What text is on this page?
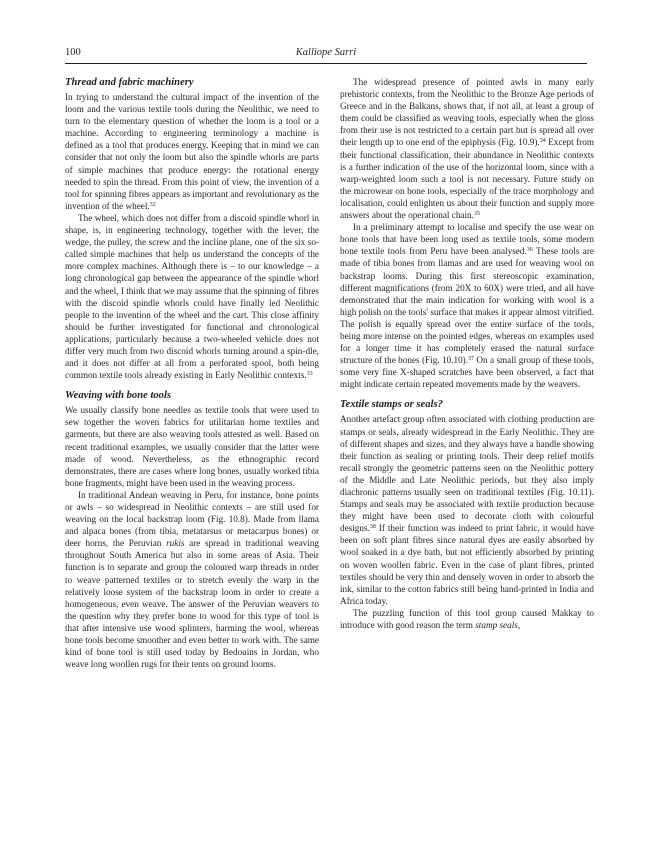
100	Kalliope Sarri
Thread and fabric machinery

In trying to understand the cultural impact of the invention of the loom and the various textile tools during the Neolithic, we need to turn to the elementary question of whether the loom is a tool or a machine. According to engineering terminology a machine is defined as a tool that produces energy. Keeping that in mind we can consider that not only the loom but also the spindle whorls are parts of simple machines that produce energy: the rotational energy needed to spin the thread. From this point of view, the invention of a tool for spinning fibres appears as important and revolutionary as the invention of the wheel.$^{32}$

The wheel, which does not differ from a discoid spindle whorl in shape, is, in engineering technology, together with the lever, the wedge, the pulley, the screw and the incline plane, one of the six so-called simple machines that help us understand the concepts of the more complex machines. Although there is – to our knowledge – a long chronological gap between the appearance of the spindle whorl and the wheel, I think that we may assume that the spinning of fibres with the discoid spindle whorls could have finally led Neolithic people to the invention of the wheel and the cart. This close affinity should be further investigated for functional and chronological applications, particularly because a two-wheeled vehicle does not differ very much from two discoid whorls turning around a spin-dle, and it does not differ at all from a perforated spool, both being common textile tools already existing in Early Neolithic contexts.$^{33}$

Weaving with bone tools

We usually classify bone needles as textile tools that were used to sew together the woven fabrics for utilitarian home textiles and garments, but there are also weaving tools attested as well. Based on recent traditional examples, we usually consider that the latter were made of wood. Nevertheless, as the ethnographic record demonstrates, there are cases where long bones, usually worked tibia bone fragments, might have been used in the weaving process.

In traditional Andean weaving in Peru, for instance, bone points or awls – so widespread in Neolithic contexts – are still used for weaving on the local backstrap loom (Fig. 10.8). Made from llama and alpaca bones (from tibia, metatarsus or metacarpus bones) or deer horns, the Peruvian rukis are spread in traditional weaving throughout South America but also in some areas of Asia. Their function is to separate and group the coloured warp threads in order to weave patterned textiles or to stretch evenly the warp in the relatively loose system of the backstrap loom in order to create a homogeneous, even weave. The answer of the Peruvian weavers to the question why they prefer bone to wood for this type of tool is that after intensive use wood splinters, harming the wool, whereas bone tools become smoother and even better to work with. The same kind of bone tool is still used today by Bedouins in Jordan, who weave long woollen rugs for their tents on ground looms.

The widespread presence of pointed awls in many early prehistoric contexts, from the Neolithic to the Bronze Age periods of Greece and in the Balkans, shows that, if not all, at least a group of them could be classified as weaving tools, especially when the gloss from their use is not restricted to a certain part but is spread all over their length up to one end of the epiphysis (Fig. 10.9).$^{34}$ Except from their functional classification, their abundance in Neolithic contexts is a further indication of the use of the horizontal loom, since with a warp-weighted loom such a tool is not necessary. Future study on the microwear on bone tools, especially of the trace morphology and localisation, could enlighten us about their function and supply more answers about the operational chain.$^{35}$

In a preliminary attempt to localise and specify the use wear on bone tools that have been long used as textile tools, some modern bone textile tools from Peru have been analysed.$^{36}$ These tools are made of tibia bones from llamas and are used for weaving wool on backstrap looms. During this first stereoscopic examination, different magnifications (from 20X to 60X) were tried, and all have demonstrated that the main indication for working with wool is a high polish on the tools' surface that makes it appear almost vitrified. The polish is equally spread over the entire surface of the tools, being more intense on the pointed edges, whereas on examples used for a longer time it has completely erased the natural surface structure of the bones (Fig. 10.10).$^{37}$ On a small group of these tools, some very fine X-shaped scratches have been observed, a fact that might indicate certain repeated movements made by the weavers.

Textile stamps or seals?

Another artefact group often associated with clothing production are stamps or seals, already widespread in the Early Neolithic. They are of different shapes and sizes, and they always have a handle showing their function as sealing or printing tools. Their deep relief motifs recall strongly the geometric patterns seen on the Neolithic pottery of the Middle and Late Neolithic periods, but they also imply diachronic patterns usually seen on traditional textiles (Fig. 10.11). Stamps and seals may be associated with textile production because they might have been used to decorate cloth with colourful designs.$^{38}$ If their function was indeed to print fabric, it would have been on soft plant fibres since natural dyes are easily absorbed by wool soaked in a dye bath, but not efficiently absorbed by printing on woven woollen fabric. Even in the case of plant fibres, printed textiles should be very thin and densely woven in order to absorb the ink, similar to the cotton fabrics still being hand-printed in India and Africa today.

The puzzling function of this tool group caused Makkay to introduce with good reason the term stamp seals,
